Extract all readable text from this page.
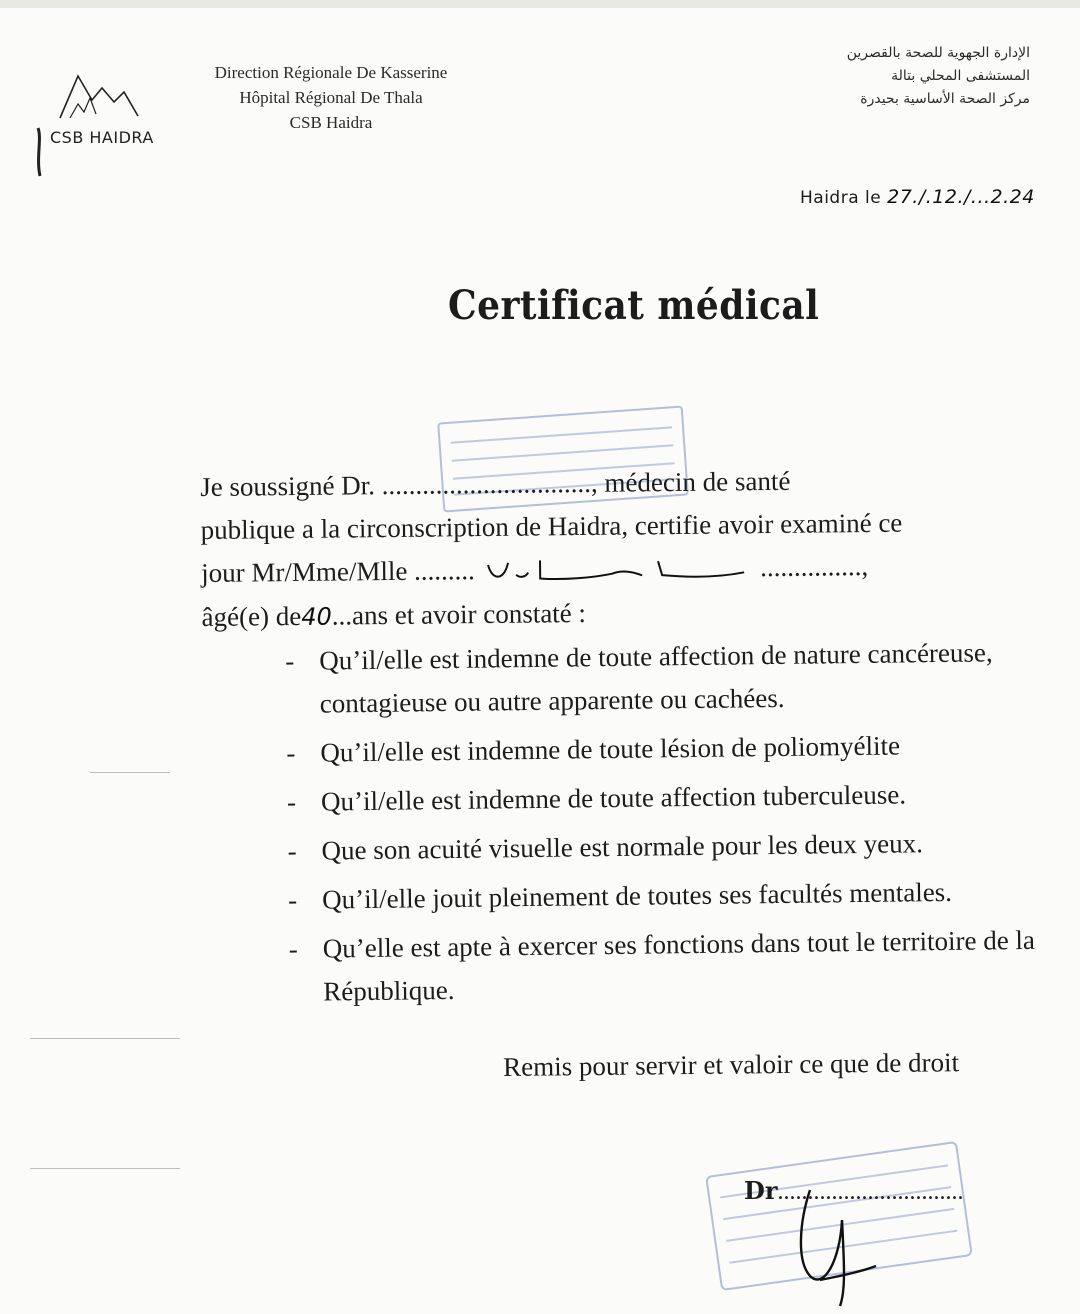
CSB HAIDRA
Direction Régionale De Kasserine
Hôpital Régional De Thala
CSB Haidra
الإدارة الجهوية للصحة بالقصرين
المستشفى المحلي بتالة
مركز الصحة الأساسية بحيدرة
Haidra le 27./.12./...2.24
Certificat médical
Je soussigné Dr. ..............................., médecin de santé
publique a la circonscription de Haidra, certifie avoir examiné ce
jour Mr/Mme/Mlle .........	...............,
âgé(e) de40...ans et avoir constaté :
- Qu’il/elle est indemne de toute affection de nature cancéreuse, contagieuse ou autre apparente ou cachées.
- Qu’il/elle est indemne de toute lésion de poliomyélite
- Qu’il/elle est indemne de toute affection tuberculeuse.
- Que son acuité visuelle est normale pour les deux yeux.
- Qu’il/elle jouit pleinement de toutes ses facultés mentales.
- Qu’elle est apte à exercer ses fonctions dans tout le territoire de la République.
Remis pour servir et valoir ce que de droit
Dr...............................
